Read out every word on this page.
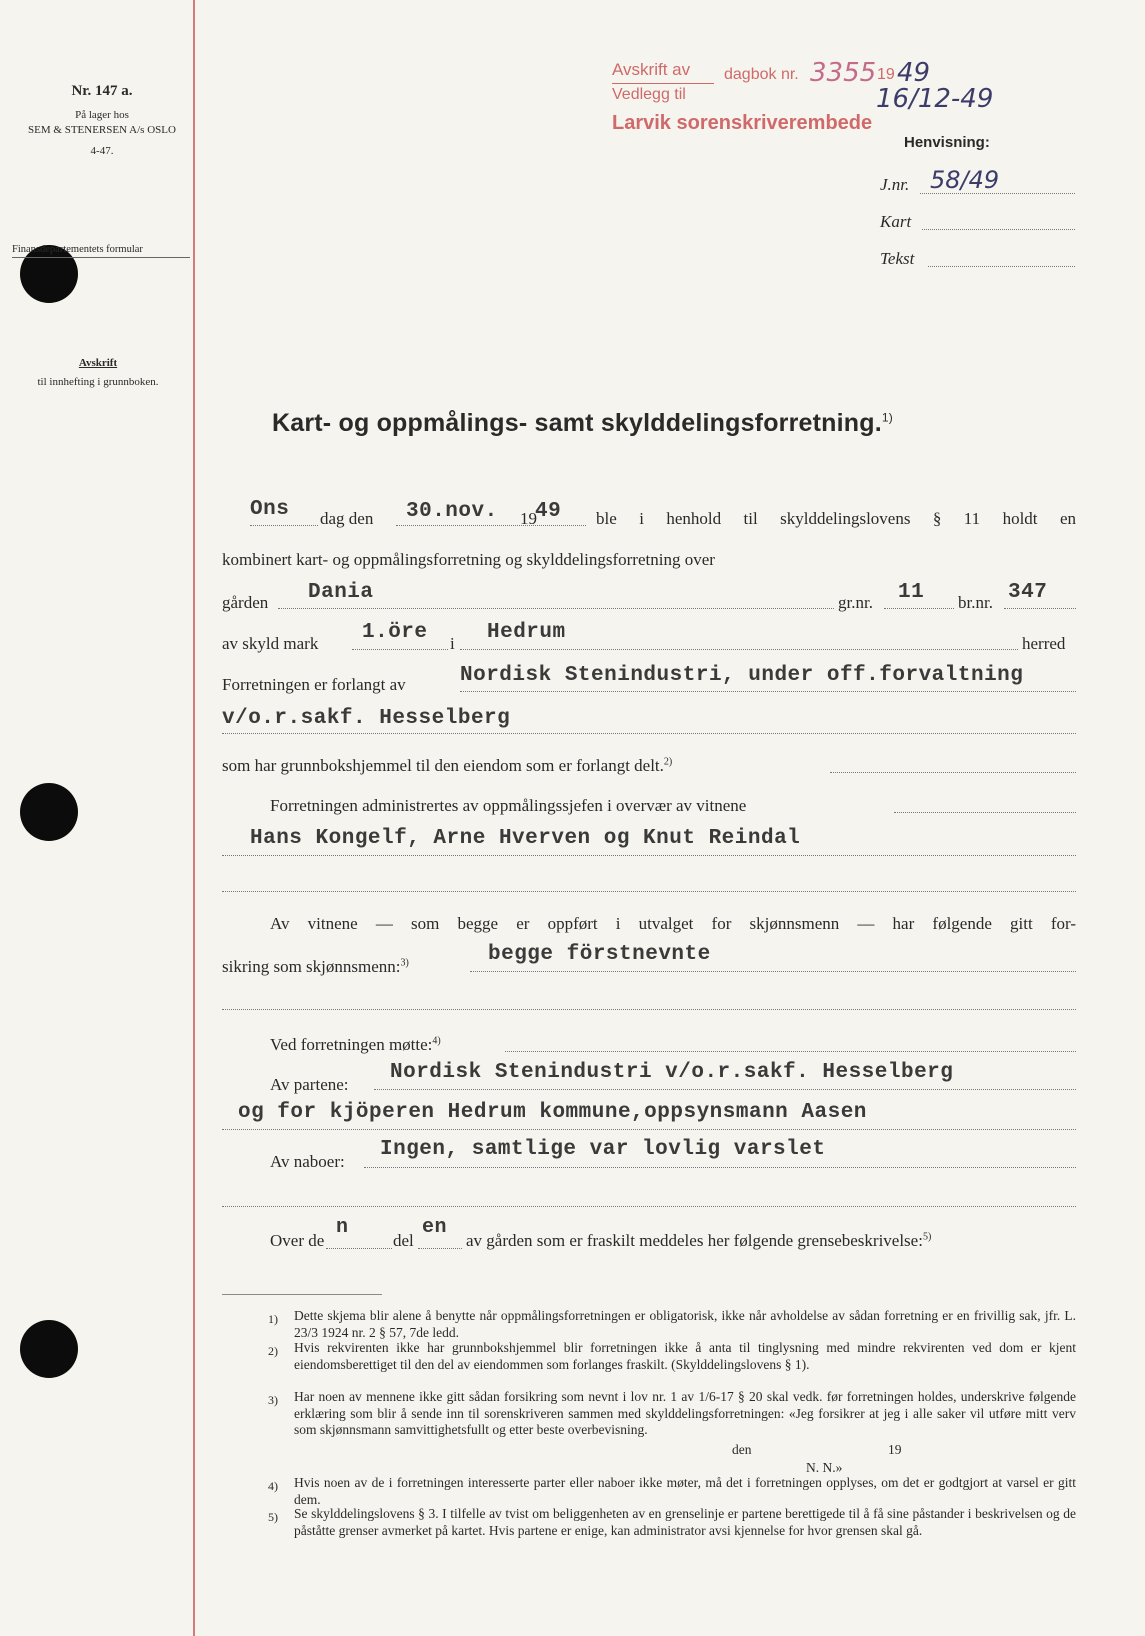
Nr. 147 a.
På lager hos
SEM & STENERSEN A/s OSLO
4-47.
Finansdepartementets formular
Avskrift
til innhefting i grunnboken.
Avskrift av dagbok nr. 3355 19 49
Vedlegg til
Larvik sorenskriverembede
16/12-49
Henvisning:
J.nr. 58/49
Kart
Tekst
Kart- og oppmålings- samt skylddelingsforretning.$^{1)}$
Ons dag den 30.nov. 19
49 ble i henhold til skylddelingslovens § 11 holdt en
kombinert kart- og oppmålingsforretning og skylddelingsforretning over
gården Dania	gr.nr. 11 br.nr. 347
av skyld mark 1.öre i Hedrum	herred
Forretningen er forlangt av	Nordisk Stenindustri, under off.forvaltning
v/o.r.sakf. Hesselberg
som har grunnbokshjemmel til den eiendom som er forlangt delt.$^{2)}$
Forretningen administrertes av oppmålingssjefen i overvær av vitnene
Hans Kongelf, Arne Hverven og Knut Reindal
Av vitnene — som begge er oppført i utvalget for skjønnsmenn — har følgende gitt for-
sikring som skjønnsmenn:$^{3)}$	begge förstnevnte
Ved forretningen møtte:$^{4)}$
Av partene:
Nordisk Stenindustri v/o.r.sakf. Hesselberg
og for kjöperen Hedrum kommune,oppsynsmann Aasen
Av naboer:
Ingen, samtlige var lovlig varslet
Over de
n
del
en
av gården som er fraskilt meddeles her følgende grensebeskrivelse:$^{5)}$
1) Dette skjema blir alene å benytte når oppmålingsforretningen er obligatorisk, ikke når avholdelse av sådan forretning er en frivillig sak, jfr. L. 23/3 1924 nr. 2 § 57, 7de ledd.
2) Hvis rekvirenten ikke har grunnbokshjemmel blir forretningen ikke å anta til tinglysning med mindre rekvirenten ved dom er kjent eiendomsberettiget til den del av eiendommen som forlanges fraskilt. (Skylddelingslovens § 1).
3) Har noen av mennene ikke gitt sådan forsikring som nevnt i lov nr. 1 av 1/6-17 § 20 skal vedk. før forretningen holdes, underskrive følgende erklæring som blir å sende inn til sorenskriveren sammen med skylddelingsforretningen: «Jeg forsikrer at jeg i alle saker vil utføre mitt verv som skjønnsmann samvittighetsfullt og etter beste overbevisning.
den	19
N. N.»
4) Hvis noen av de i forretningen interesserte parter eller naboer ikke møter, må det i forretningen opplyses, om det er godtgjort at varsel er gitt dem.
5) Se skylddelingslovens § 3. I tilfelle av tvist om beliggenheten av en grenselinje er partene berettigede til å få sine påstander i beskrivelsen og de påståtte grenser avmerket på kartet. Hvis partene er enige, kan administrator avsi kjennelse for hvor grensen skal gå.
